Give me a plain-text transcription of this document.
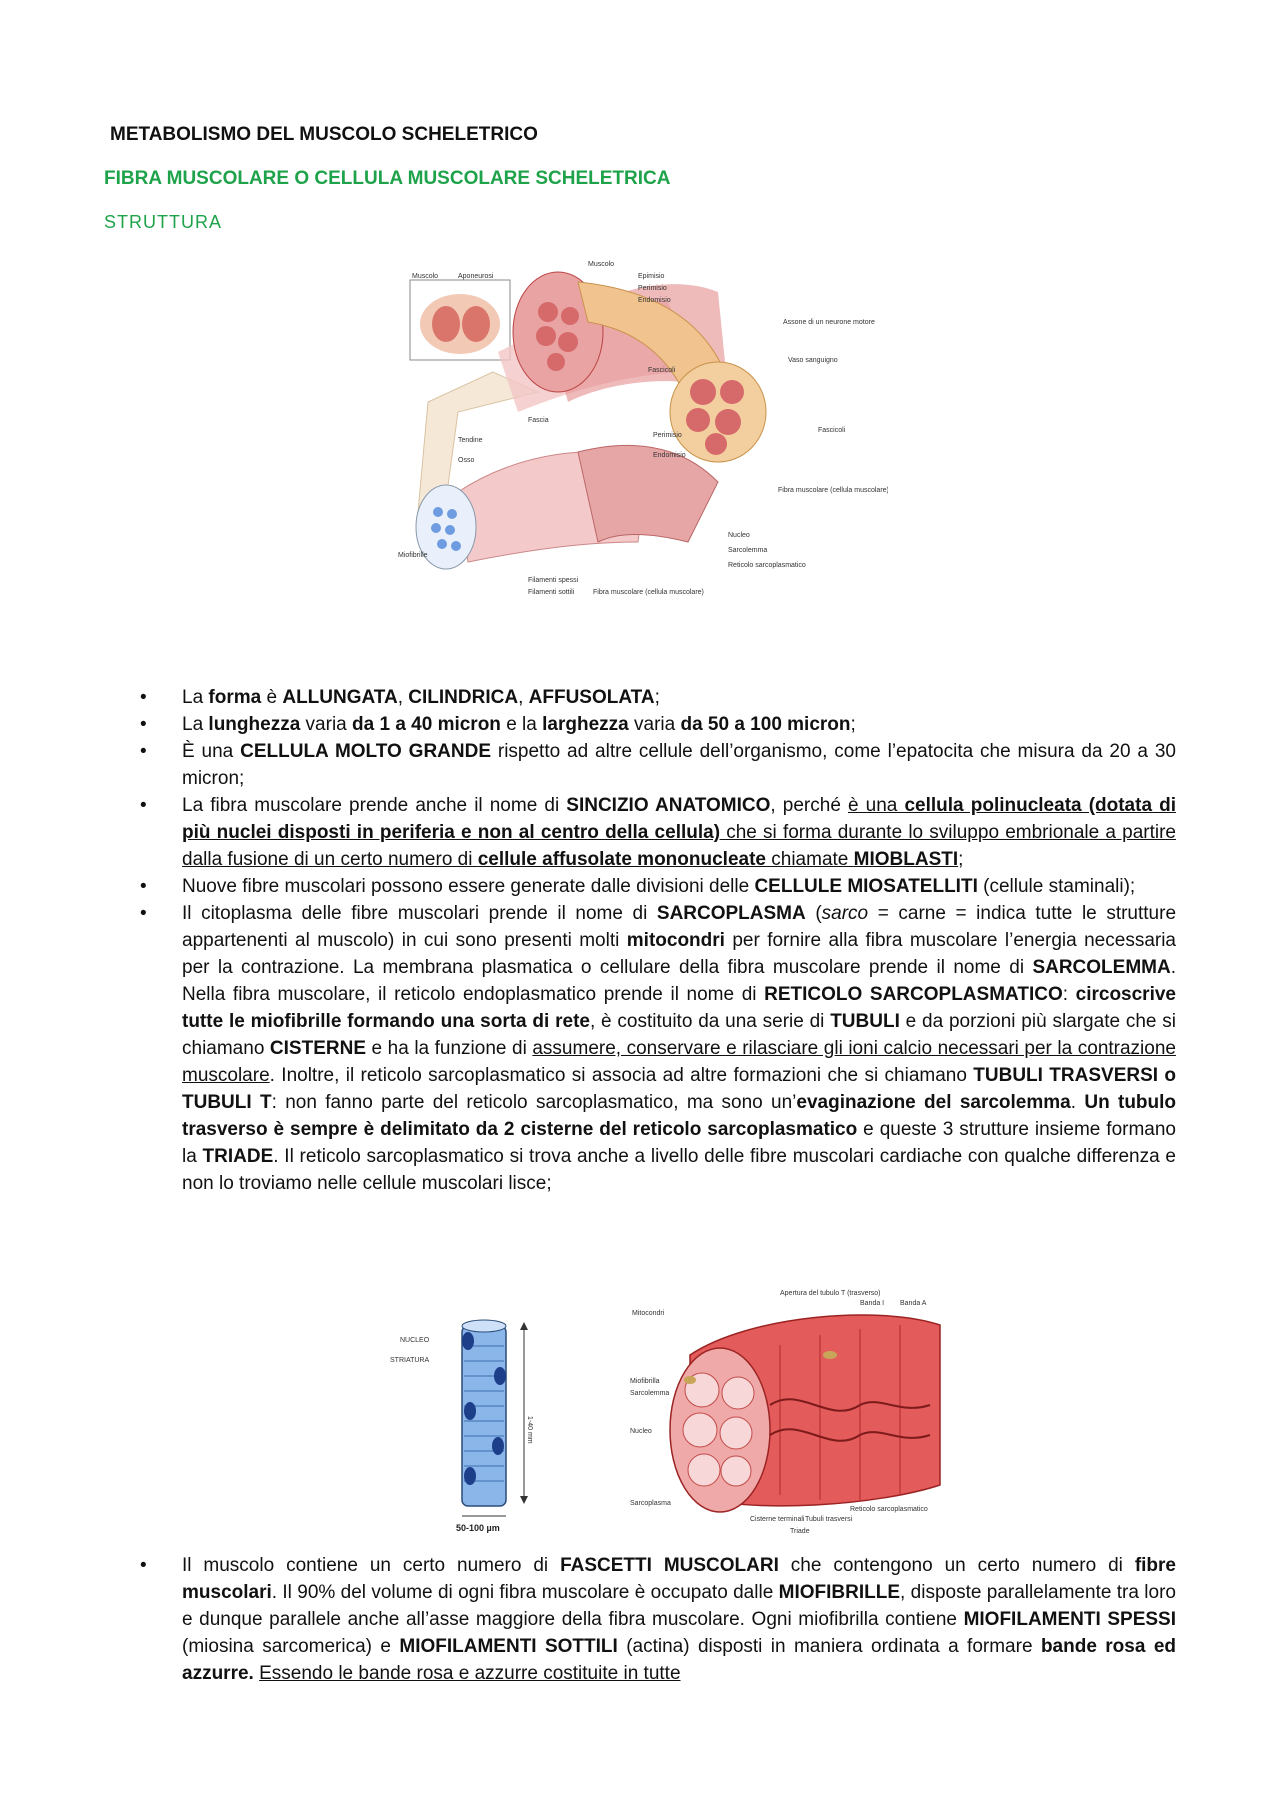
METABOLISMO DEL MUSCOLO SCHELETRICO
FIBRA MUSCOLARE O CELLULA MUSCOLARE SCHELETRICA
STRUTTURA
Muscolo	Aponeurosi
Muscolo
Epimisio
Perimisio
Endomisio
Assone di un neurone motore
Vaso sanguigno
Fascicoli
Fascicoli
Fascia
Tendine
Osso
Perimisio
Endomisio
Fibra muscolare (cellula muscolare)
Miofibrille
Nucleo
Sarcolemma
Reticolo sarcoplasmatico
Filamenti spessi
Filamenti sottili	Fibra muscolare (cellula muscolare)
• La forma è ALLUNGATA, CILINDRICA, AFFUSOLATA;
• La lunghezza varia da 1 a 40 micron e la larghezza varia da 50 a 100 micron;
• È una CELLULA MOLTO GRANDE rispetto ad altre cellule dell’organismo, come l’epatocita che misura da 20 a 30 micron;
• La fibra muscolare prende anche il nome di SINCIZIO ANATOMICO, perché è una cellula polinucleata (dotata di più nuclei disposti in periferia e non al centro della cellula) che si forma durante lo sviluppo embrionale a partire dalla fusione di un certo numero di cellule affusolate mononucleate chiamate MIOBLASTI;
• Nuove fibre muscolari possono essere generate dalle divisioni delle CELLULE MIOSATELLITI (cellule staminali);
• Il citoplasma delle fibre muscolari prende il nome di SARCOPLASMA (sarco = carne = indica tutte le strutture appartenenti al muscolo) in cui sono presenti molti mitocondri per fornire alla fibra muscolare l’energia necessaria per la contrazione. La membrana plasmatica o cellulare della fibra muscolare prende il nome di SARCOLEMMA. Nella fibra muscolare, il reticolo endoplasmatico prende il nome di RETICOLO SARCOPLASMATICO: circoscrive tutte le miofibrille formando una sorta di rete, è costituito da una serie di TUBULI e da porzioni più slargate che si chiamano CISTERNE e ha la funzione di assumere, conservare e rilasciare gli ioni calcio necessari per la contrazione muscolare. Inoltre, il reticolo sarcoplasmatico si associa ad altre formazioni che si chiamano TUBULI TRASVERSI o TUBULI T: non fanno parte del reticolo sarcoplasmatico, ma sono un’evaginazione del sarcolemma. Un tubulo trasverso è sempre è delimitato da 2 cisterne del reticolo sarcoplasmatico e queste 3 strutture insieme formano la TRIADE. Il reticolo sarcoplasmatico si trova anche a livello delle fibre muscolari cardiache con qualche differenza e non lo troviamo nelle cellule muscolari lisce;
1-40 mm
NUCLEO
STRIATURA
50-100 µm
Apertura del tubulo T (trasverso)
Banda I Banda A
Mitocondri
Miofibrilla
Sarcolemma
Nucleo
Sarcoplasma
Cisterne terminali Tubuli trasversi
Reticolo sarcoplasmatico
Triade
• Il muscolo contiene un certo numero di FASCETTI MUSCOLARI che contengono un certo numero di fibre muscolari. Il 90% del volume di ogni fibra muscolare è occupato dalle MIOFIBRILLE, disposte parallelamente tra loro e dunque parallele anche all’asse maggiore della fibra muscolare. Ogni miofibrilla contiene MIOFILAMENTI SPESSI (miosina sarcomerica) e MIOFILAMENTI SOTTILI (actina) disposti in maniera ordinata a formare bande rosa ed azzurre. Essendo le bande rosa e azzurre costituite in tutte
